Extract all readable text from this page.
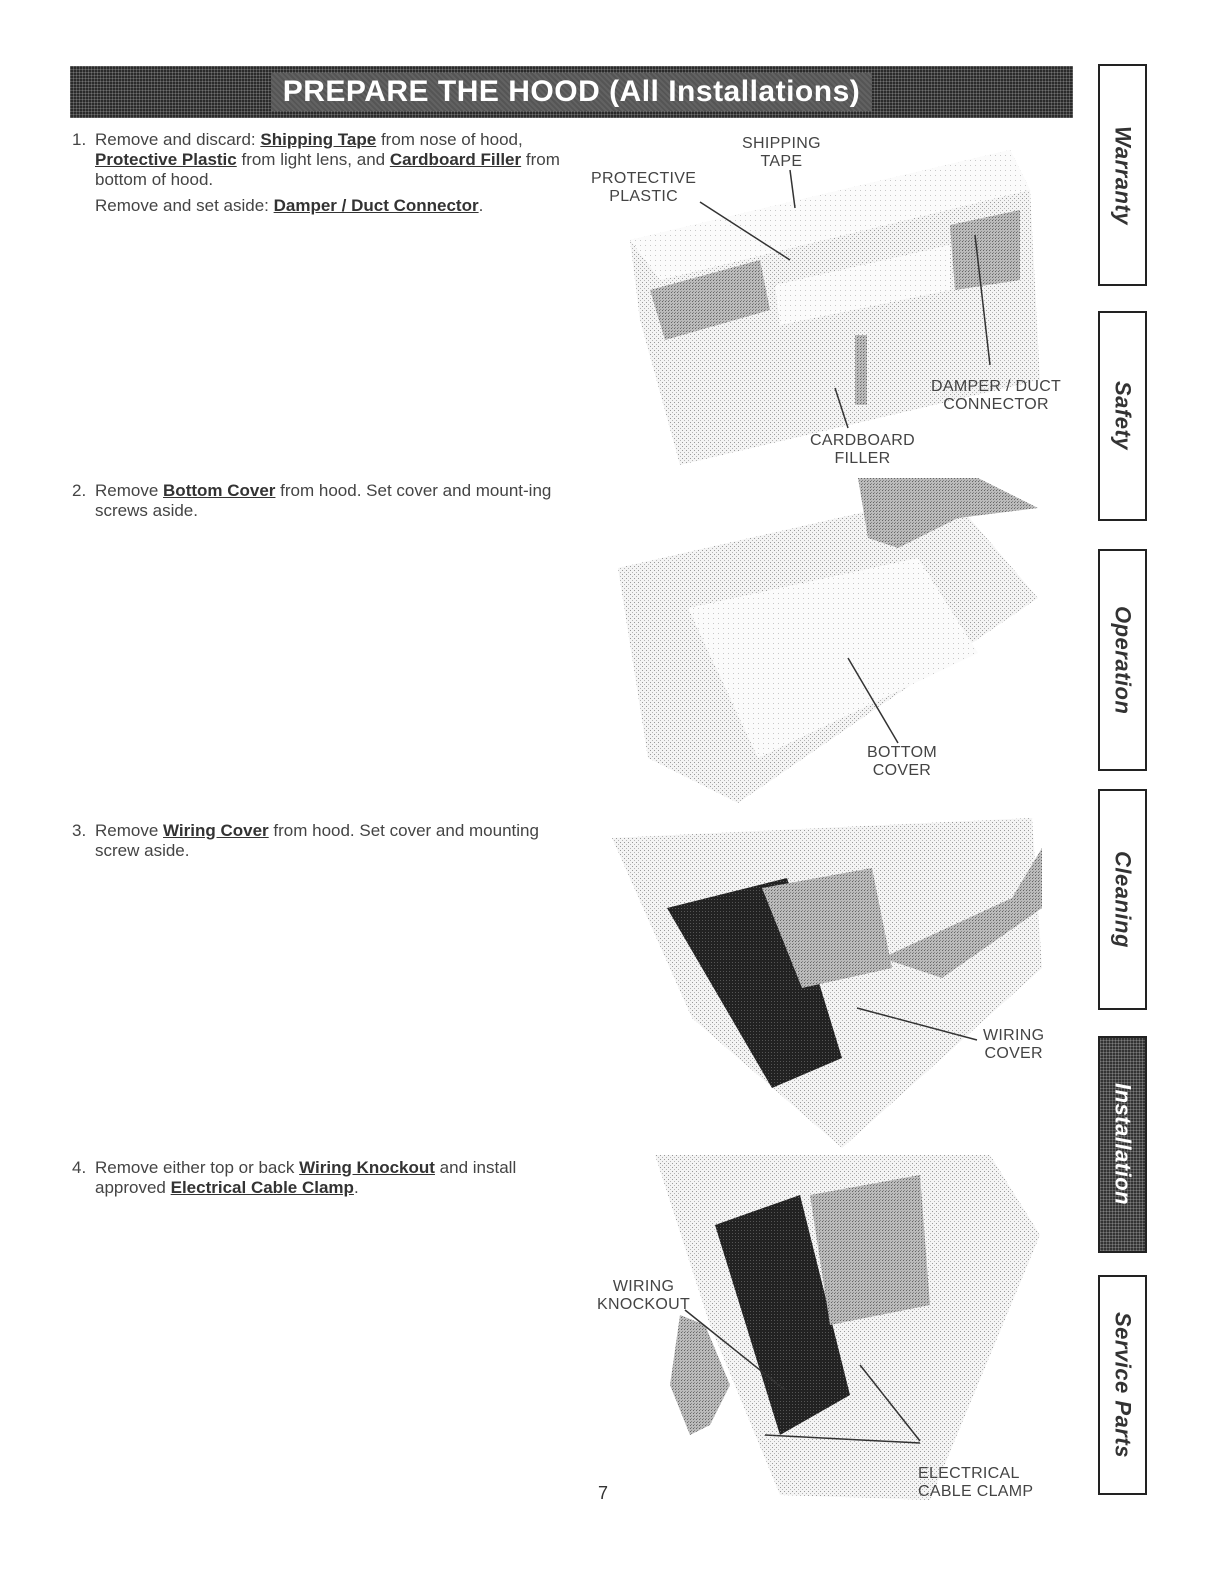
PREPARE THE HOOD (All Installations)
1. Remove and discard: Shipping Tape from nose of hood, Protective Plastic from light lens, and Cardboard Filler from bottom of hood.

Remove and set aside: Damper / Duct Connector.

2. Remove Bottom Cover from hood. Set cover and mount-ing screws aside.

3. Remove Wiring Cover from hood. Set cover and mounting screw aside.

4. Remove either top or back Wiring Knockout and install approved Electrical Cable Clamp.

SHIPPING
TAPE
PROTECTIVE
PLASTIC
DAMPER / DUCT
CONNECTOR
CARDBOARD
FILLER
BOTTOM
COVER
WIRING
COVER
WIRING
KNOCKOUT
ELECTRICAL
CABLE CLAMP
7
Warranty
Safety
Operation
Cleaning
Installation
Service Parts
